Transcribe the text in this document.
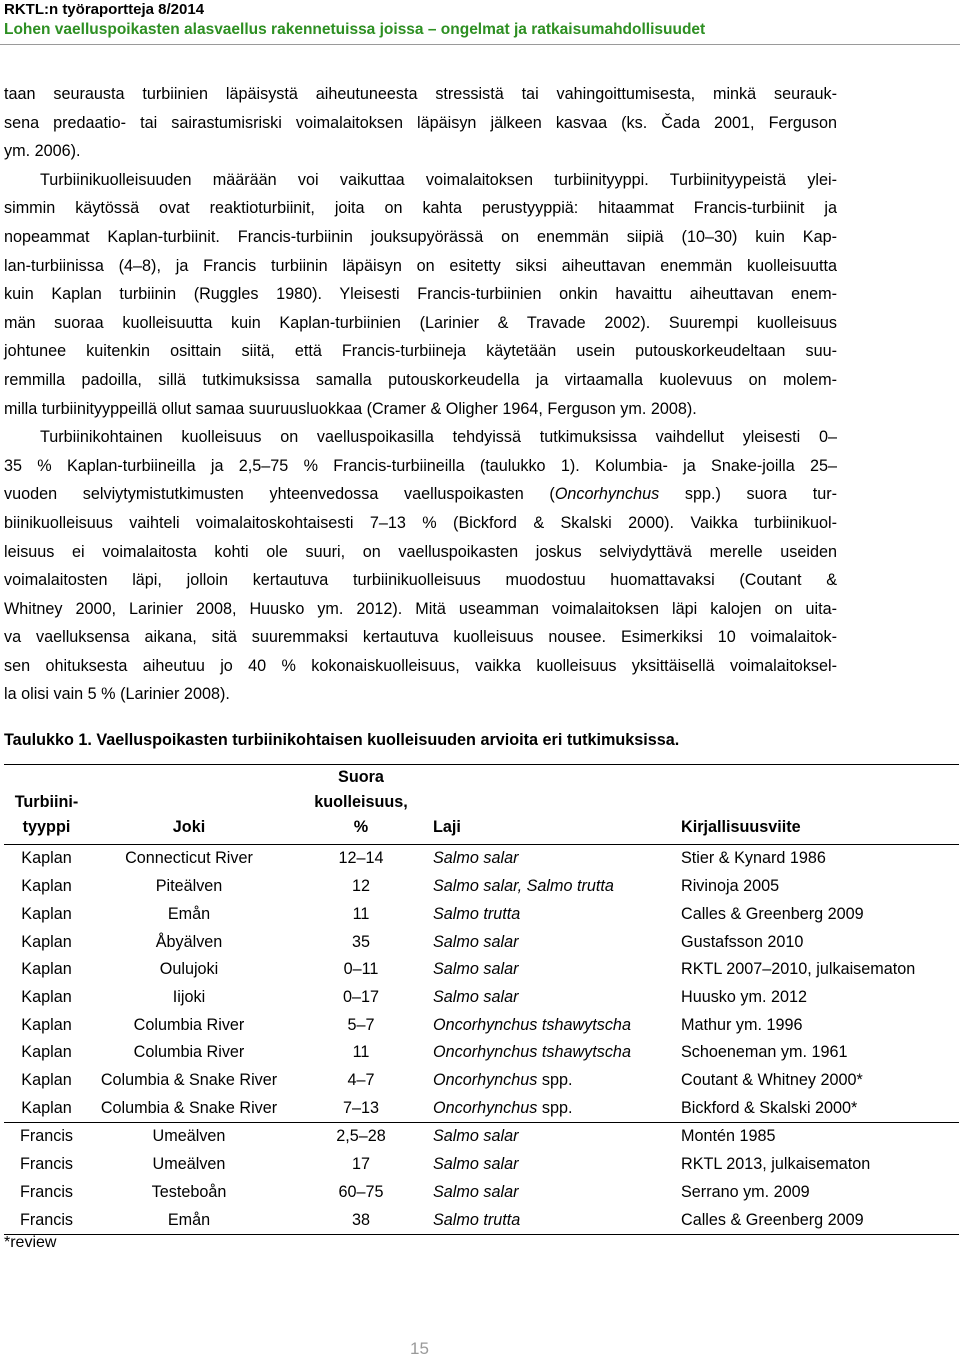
RKTL:n työraportteja 8/2014
Lohen vaelluspoikasten alasvaellus rakennetuissa joissa – ongelmat ja ratkaisumahdollisuudet
taan seurausta turbiinien läpäisystä aiheutuneesta stressistä tai vahingoittumisesta, minkä seurauk-
sena predaatio- tai sairastumisriski voimalaitoksen läpäisyn jälkeen kasvaa (ks. Čada 2001, Ferguson
ym. 2006).
Turbiinikuolleisuuden määrään voi vaikuttaa voimalaitoksen turbiinityyppi. Turbiinityypeistä ylei-
simmin käytössä ovat reaktioturbiinit, joita on kahta perustyyppiä: hitaammat Francis-turbiinit ja
nopeammat Kaplan-turbiinit. Francis-turbiinin jouksupyörässä on enemmän siipiä (10–30) kuin Kap-
lan-turbiinissa (4–8), ja Francis turbiinin läpäisyn on esitetty siksi aiheuttavan enemmän kuolleisuutta
kuin Kaplan turbiinin (Ruggles 1980). Yleisesti Francis-turbiinien onkin havaittu aiheuttavan enem-
män suoraa kuolleisuutta kuin Kaplan-turbiinien (Larinier & Travade 2002). Suurempi kuolleisuus
johtunee kuitenkin osittain siitä, että Francis-turbiineja käytetään usein putouskorkeudeltaan suu-
remmilla padoilla, sillä tutkimuksissa samalla putouskorkeudella ja virtaamalla kuolevuus on molem-
milla turbiinityyppeillä ollut samaa suuruusluokkaa (Cramer & Oligher 1964, Ferguson ym. 2008).
Turbiinikohtainen kuolleisuus on vaelluspoikasilla tehdyissä tutkimuksissa vaihdellut yleisesti 0–
35 % Kaplan-turbiineilla ja 2,5–75 % Francis-turbiineilla (taulukko 1). Kolumbia- ja Snake-joilla 25–
vuoden selviytymistutkimusten yhteenvedossa vaelluspoikasten (Oncorhynchus spp.) suora tur-
biinikuolleisuus vaihteli voimalaitoskohtaisesti 7–13 % (Bickford & Skalski 2000). Vaikka turbiinikuol-
leisuus ei voimalaitosta kohti ole suuri, on vaelluspoikasten joskus selviydyttävä merelle useiden
voimalaitosten läpi, jolloin kertautuva turbiinikuolleisuus muodostuu huomattavaksi (Coutant &
Whitney 2000, Larinier 2008, Huusko ym. 2012). Mitä useamman voimalaitoksen läpi kalojen on uita-
va vaelluksensa aikana, sitä suuremmaksi kertautuva kuolleisuus nousee. Esimerkiksi 10 voimalaitok-
sen ohituksesta aiheutuu jo 40 % kokonaiskuolleisuus, vaikka kuolleisuus yksittäisellä voimalaitoksel-
la olisi vain 5 % (Larinier 2008).
Taulukko 1. Vaelluspoikasten turbiinikohtaisen kuolleisuuden arvioita eri tutkimuksissa.
Turbiini-
tyyppi	Joki	Suora
kuolleisuus,
%	Laji	Kirjallisuusviite
Kaplan	Connecticut River	12–14	Salmo salar	Stier & Kynard 1986
Kaplan	Piteälven	12	Salmo salar, Salmo trutta	Rivinoja 2005
Kaplan	Emån	11	Salmo trutta	Calles & Greenberg 2009
Kaplan	Åbyälven	35	Salmo salar	Gustafsson 2010
Kaplan	Oulujoki	0–11	Salmo salar	RKTL 2007–2010, julkaisematon
Kaplan	Iijoki	0–17	Salmo salar	Huusko ym. 2012
Kaplan	Columbia River	5–7	Oncorhynchus tshawytscha	Mathur ym. 1996
Kaplan	Columbia River	11	Oncorhynchus tshawytscha	Schoeneman ym. 1961
Kaplan	Columbia & Snake River	4–7	Oncorhynchus spp.	Coutant & Whitney 2000*
Kaplan	Columbia & Snake River	7–13	Oncorhynchus spp.	Bickford & Skalski 2000*
Francis	Umeälven	2,5–28	Salmo salar	Montén 1985
Francis	Umeälven	17	Salmo salar	RKTL 2013, julkaisematon
Francis	Testeboån	60–75	Salmo salar	Serrano ym. 2009
Francis	Emån	38	Salmo trutta	Calles & Greenberg 2009
*review
15
